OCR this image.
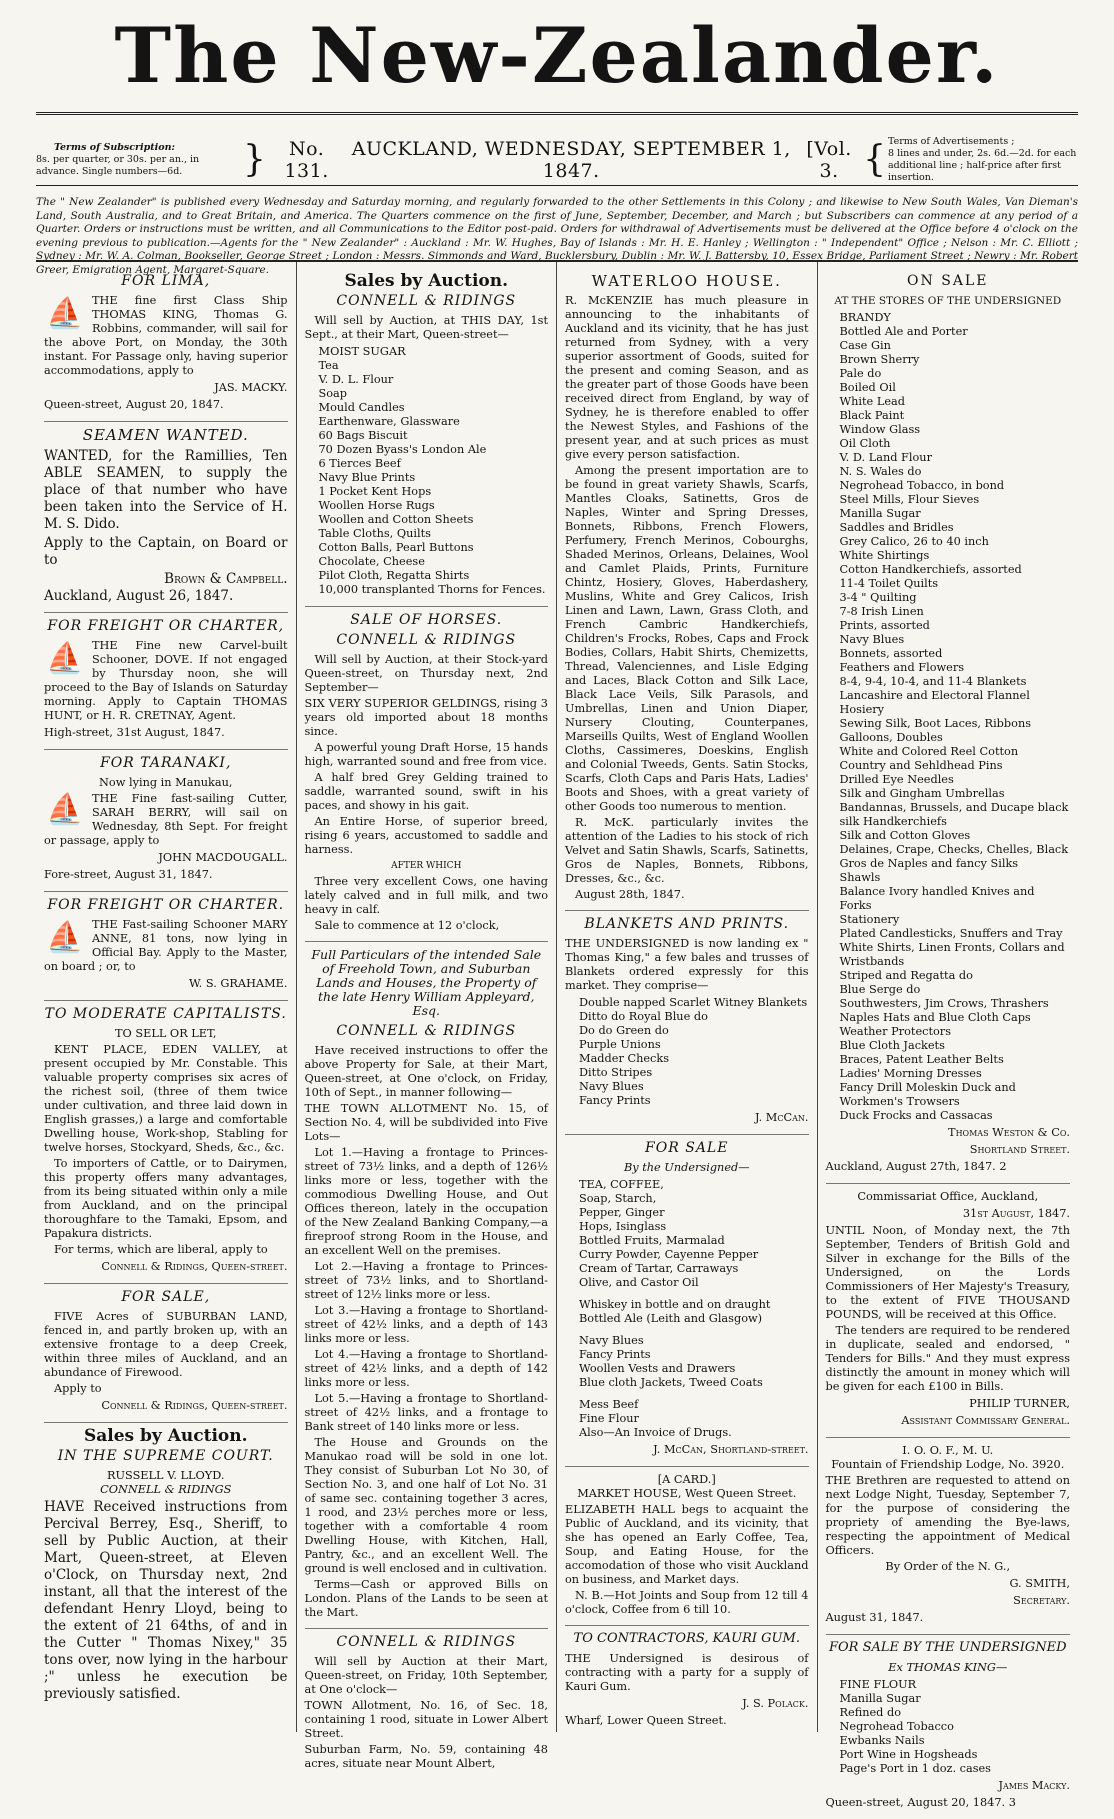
The New-Zealander.
Terms of Subscription:
8s. per quarter, or 30s. per an., in advance. Single numbers—6d.	}	No. 131.
AUCKLAND, WEDNESDAY, SEPTEMBER 1, 1847.
[Vol. 3. { Terms of Advertisements ;
8 lines and under, 2s. 6d.—2d. for each additional line ; half-price after first insertion.
The " New Zealander" is published every Wednesday and Saturday morning, and regularly forwarded to the other Settlements in this Colony ; and likewise to New South Wales, Van Dieman's Land, South Australia, and to Great Britain, and America. The Quarters commence on the first of June, September, December, and March ; but Subscribers can commence at any period of a Quarter. Orders or instructions must be written, and all Communications to the Editor post-paid. Orders for withdrawal of Advertisements must be delivered at the Office before 4 o'clock on the evening previous to publication.—Agents for the " New Zealander" : Auckland : Mr. W. Hughes, Bay of Islands : Mr. H. E. Hanley ; Wellington : " Independent" Office ; Nelson : Mr. C. Elliott ; Sydney : Mr. W. A. Colman, Bookseller, George Street ; London : Messrs. Simmonds and Ward, Bucklersbury, Dublin : Mr. W. J. Battersby, 10, Essex Bridge, Parliament Street ; Newry : Mr. Robert Greer, Emigration Agent, Margaret-Square.
FOR LIMA,
⛵ THE fine first Class Ship THOMAS KING, Thomas G. Robbins, commander, will sail for the above Port, on Monday, the 30th instant. For Passage only, having superior accommodations, apply to

JAS. MACKY.

Queen-street, August 20, 1847.

SEAMEN WANTED.

WANTED, for the Ramillies, Ten ABLE SEAMEN, to supply the place of that number who have been taken into the Service of H. M. S. Dido.

Apply to the Captain, on Board or to

Brown & Campbell.

Auckland, August 26, 1847.

FOR FREIGHT OR CHARTER,
⛵ THE Fine new Carvel-built Schooner, DOVE. If not engaged by Thursday noon, she will proceed to the Bay of Islands on Saturday morning. Apply to Captain THOMAS HUNT, or H. R. CRETNAY, Agent.

High-street, 31st August, 1847.

FOR TARANAKI,
Now lying in Manukau,
⛵ THE Fine fast-sailing Cutter, SARAH BERRY, will sail on Wednesday, 8th Sept. For freight or passage, apply to

JOHN MACDOUGALL.

Fore-street, August 31, 1847.

FOR FREIGHT OR CHARTER.
⛵ THE Fast-sailing Schooner MARY ANNE, 81 tons, now lying in Official Bay. Apply to the Master, on board ; or, to

W. S. GRAHAME.
TO MODERATE CAPITALISTS.
TO SELL OR LET,

KENT PLACE, EDEN VALLEY, at present occupied by Mr. Constable. This valuable property comprises six acres of the richest soil, (three of them twice under cultivation, and three laid down in English grasses,) a large and comfortable Dwelling house, Work-shop, Stabling for twelve horses, Stockyard, Sheds, &c., &c.

To importers of Cattle, or to Dairymen, this property offers many advantages, from its being situated within only a mile from Auckland, and on the principal thoroughfare to the Tamaki, Epsom, and Papakura districts.

For terms, which are liberal, apply to

Connell & Ridings, Queen-street.
FOR SALE,

FIVE Acres of SUBURBAN LAND, fenced in, and partly broken up, with an extensive frontage to a deep Creek, within three miles of Auckland, and an abundance of Firewood.

Apply to

Connell & Ridings, Queen-street.
Sales by Auction.
IN THE SUPREME COURT.
RUSSELL V. LLOYD.
CONNELL & RIDINGS

HAVE Received instructions from Percival Berrey, Esq., Sheriff, to sell by Public Auction, at their Mart, Queen-street, at Eleven o'Clock, on Thursday next, 2nd instant, all that the interest of the defendant Henry Lloyd, being to the extent of 21 64ths, of and in the Cutter " Thomas Nixey," 35 tons over, now lying in the harbour ;" unless he execution be previously satisfied.

Sales by Auction.
CONNELL & RIDINGS

Will sell by Auction, at THIS DAY, 1st Sept., at their Mart, Queen-street—

MOIST SUGAR
Tea
V. D. L. Flour
Soap
Mould Candles
Earthenware, Glassware
60 Bags Biscuit
70 Dozen Byass's London Ale
6 Tierces Beef
Navy Blue Prints
1 Pocket Kent Hops
Woollen Horse Rugs
Woollen and Cotton Sheets
Table Cloths, Quilts
Cotton Balls, Pearl Buttons
Chocolate, Cheese
Pilot Cloth, Regatta Shirts
10,000 transplanted Thorns for Fences.
SALE OF HORSES.
CONNELL & RIDINGS

Will sell by Auction, at their Stock-yard Queen-street, on Thursday next, 2nd September—

SIX VERY SUPERIOR GELDINGS, rising 3 years old imported about 18 months since.

A powerful young Draft Horse, 15 hands high, warranted sound and free from vice.

A half bred Grey Gelding trained to saddle, warranted sound, swift in his paces, and showy in his gait.

An Entire Horse, of superior breed, rising 6 years, accustomed to saddle and harness.

AFTER WHICH

Three very excellent Cows, one having lately calved and in full milk, and two heavy in calf.

Sale to commence at 12 o'clock,

Full Particulars of the intended Sale of Freehold Town, and Suburban Lands and Houses, the Property of the late Henry William Appleyard, Esq.
CONNELL & RIDINGS

Have received instructions to offer the above Property for Sale, at their Mart, Queen-street, at One o'clock, on Friday, 10th of Sept., in manner following—

THE TOWN ALLOTMENT No. 15, of Section No. 4, will be subdivided into Five Lots—

Lot 1.—Having a frontage to Princes-street of 73½ links, and a depth of 126½ links more or less, together with the commodious Dwelling House, and Out Offices thereon, lately in the occupation of the New Zealand Banking Company,—a fireproof strong Room in the House, and an excellent Well on the premises.

Lot 2.—Having a frontage to Princes-street of 73½ links, and to Shortland-street of 12½ links more or less.

Lot 3.—Having a frontage to Shortland-street of 42½ links, and a depth of 143 links more or less.

Lot 4.—Having a frontage to Shortland-street of 42½ links, and a depth of 142 links more or less.

Lot 5.—Having a frontage to Shortland-street of 42½ links, and a frontage to Bank street of 140 links more or less.

The House and Grounds on the Manukao road will be sold in one lot. They consist of Suburban Lot No 30, of Section No. 3, and one half of Lot No. 31 of same sec. containing together 3 acres, 1 rood, and 23½ perches more or less, together with a comfortable 4 room Dwelling House, with Kitchen, Hall, Pantry, &c., and an excellent Well. The ground is well enclosed and in cultivation.

Terms—Cash or approved Bills on London. Plans of the Lands to be seen at the Mart.

CONNELL & RIDINGS

Will sell by Auction at their Mart, Queen-street, on Friday, 10th September, at One o'clock—

TOWN Allotment, No. 16, of Sec. 18, containing 1 rood, situate in Lower Albert Street.

Suburban Farm, No. 59, containing 48 acres, situate near Mount Albert,

WATERLOO HOUSE.

R. McKENZIE has much pleasure in announcing to the inhabitants of Auckland and its vicinity, that he has just returned from Sydney, with a very superior assortment of Goods, suited for the present and coming Season, and as the greater part of those Goods have been received direct from England, by way of Sydney, he is therefore enabled to offer the Newest Styles, and Fashions of the present year, and at such prices as must give every person satisfaction.

Among the present importation are to be found in great variety Shawls, Scarfs, Mantles Cloaks, Satinetts, Gros de Naples, Winter and Spring Dresses, Bonnets, Ribbons, French Flowers, Perfumery, French Merinos, Cobourghs, Shaded Merinos, Orleans, Delaines, Wool and Camlet Plaids, Prints, Furniture Chintz, Hosiery, Gloves, Haberdashery, Muslins, White and Grey Calicos, Irish Linen and Lawn, Lawn, Grass Cloth, and French Cambric Handkerchiefs, Children's Frocks, Robes, Caps and Frock Bodies, Collars, Habit Shirts, Chemizetts, Thread, Valenciennes, and Lisle Edging and Laces, Black Cotton and Silk Lace, Black Lace Veils, Silk Parasols, and Umbrellas, Linen and Union Diaper, Nursery Clouting, Counterpanes, Marseills Quilts, West of England Woollen Cloths, Cassimeres, Doeskins, English and Colonial Tweeds, Gents. Satin Stocks, Scarfs, Cloth Caps and Paris Hats, Ladies' Boots and Shoes, with a great variety of other Goods too numerous to mention.

R. McK. particularly invites the attention of the Ladies to his stock of rich Velvet and Satin Shawls, Scarfs, Satinetts, Gros de Naples, Bonnets, Ribbons, Dresses, &c., &c.

August 28th, 1847.

BLANKETS AND PRINTS.

THE UNDERSIGNED is now landing ex " Thomas King," a few bales and trusses of Blankets ordered expressly for this market. They comprise—

Double napped Scarlet Witney Blankets
Ditto do Royal Blue do
Do do Green do
Purple Unions
Madder Checks
Ditto Stripes
Navy Blues
Fancy Prints
J. McCan.
FOR SALE
By the Undersigned—
TEA, COFFEE,
Soap, Starch,
Pepper, Ginger
Hops, Isinglass
Bottled Fruits, Marmalad
Curry Powder, Cayenne Pepper
Cream of Tartar, Carraways
Olive, and Castor Oil
Whiskey in bottle and on draught
Bottled Ale (Leith and Glasgow)
Navy Blues
Fancy Prints
Woollen Vests and Drawers
Blue cloth Jackets, Tweed Coats
Mess Beef
Fine Flour
Also—An Invoice of Drugs.
J. McCan, Shortland-street.
[A CARD.]
MARKET HOUSE, West Queen Street.

ELIZABETH HALL begs to acquaint the Public of Auckland, and its vicinity, that she has opened an Early Coffee, Tea, Soup, and Eating House, for the accomodation of those who visit Auckland on business, and Market days.

N. B.—Hot Joints and Soup from 12 till 4 o'clock, Coffee from 6 till 10.

TO CONTRACTORS, KAURI GUM.

THE Undersigned is desirous of contracting with a party for a supply of Kauri Gum.

J. S. Polack.

Wharf, Lower Queen Street.

ON SALE
AT THE STORES OF THE UNDERSIGNED
BRANDY
Bottled Ale and Porter
Case Gin
Brown Sherry
Pale do
Boiled Oil
White Lead
Black Paint
Window Glass
Oil Cloth
V. D. Land Flour
N. S. Wales do
Negrohead Tobacco, in bond
Steel Mills, Flour Sieves
Manilla Sugar
Saddles and Bridles
Grey Calico, 26 to 40 inch
White Shirtings
Cotton Handkerchiefs, assorted
11-4 Toilet Quilts
3-4 " Quilting
7-8 Irish Linen
Prints, assorted
Navy Blues
Bonnets, assorted
Feathers and Flowers
8-4, 9-4, 10-4, and 11-4 Blankets
Lancashire and Electoral Flannel
Hosiery
Sewing Silk, Boot Laces, Ribbons
Galloons, Doubles
White and Colored Reel Cotton
Country and Sehldhead Pins
Drilled Eye Needles
Silk and Gingham Umbrellas
Bandannas, Brussels, and Ducape black silk Handkerchiefs
Silk and Cotton Gloves
Delaines, Crape, Checks, Chelles, Black Gros de Naples and fancy Silks
Shawls
Balance Ivory handled Knives and Forks
Stationery
Plated Candlesticks, Snuffers and Tray
White Shirts, Linen Fronts, Collars and Wristbands
Striped and Regatta do
Blue Serge do
Southwesters, Jim Crows, Thrashers
Naples Hats and Blue Cloth Caps
Weather Protectors
Blue Cloth Jackets
Braces, Patent Leather Belts
Ladies' Morning Dresses
Fancy Drill Moleskin Duck and Workmen's Trowsers
Duck Frocks and Cassacas
Thomas Weston & Co.
Shortland Street.

Auckland, August 27th, 1847. 2

Commissariat Office, Auckland,
31st August, 1847.

UNTIL Noon, of Monday next, the 7th September, Tenders of British Gold and Silver in exchange for the Bills of the Undersigned, on the Lords Commissioners of Her Majesty's Treasury, to the extent of FIVE THOUSAND POUNDS, will be received at this Office.

The tenders are required to be rendered in duplicate, sealed and endorsed, " Tenders for Bills." And they must express distinctly the amount in money which will be given for each £100 in Bills.

PHILIP TURNER,
Assistant Commissary General.
I. O. O. F., M. U.
Fountain of Friendship Lodge, No. 3920.

THE Brethren are requested to attend on next Lodge Night, Tuesday, September 7, for the purpose of considering the propriety of amending the Bye-laws, respecting the appointment of Medical Officers.

By Order of the N. G.,
G. SMITH,
Secretary.

August 31, 1847.

FOR SALE BY THE UNDERSIGNED
Ex THOMAS KING—
FINE FLOUR
Manilla Sugar
Refined do
Negrohead Tobacco
Ewbanks Nails
Port Wine in Hogsheads
Page's Port in 1 doz. cases
James Macky.

Queen-street, August 20, 1847. 3
